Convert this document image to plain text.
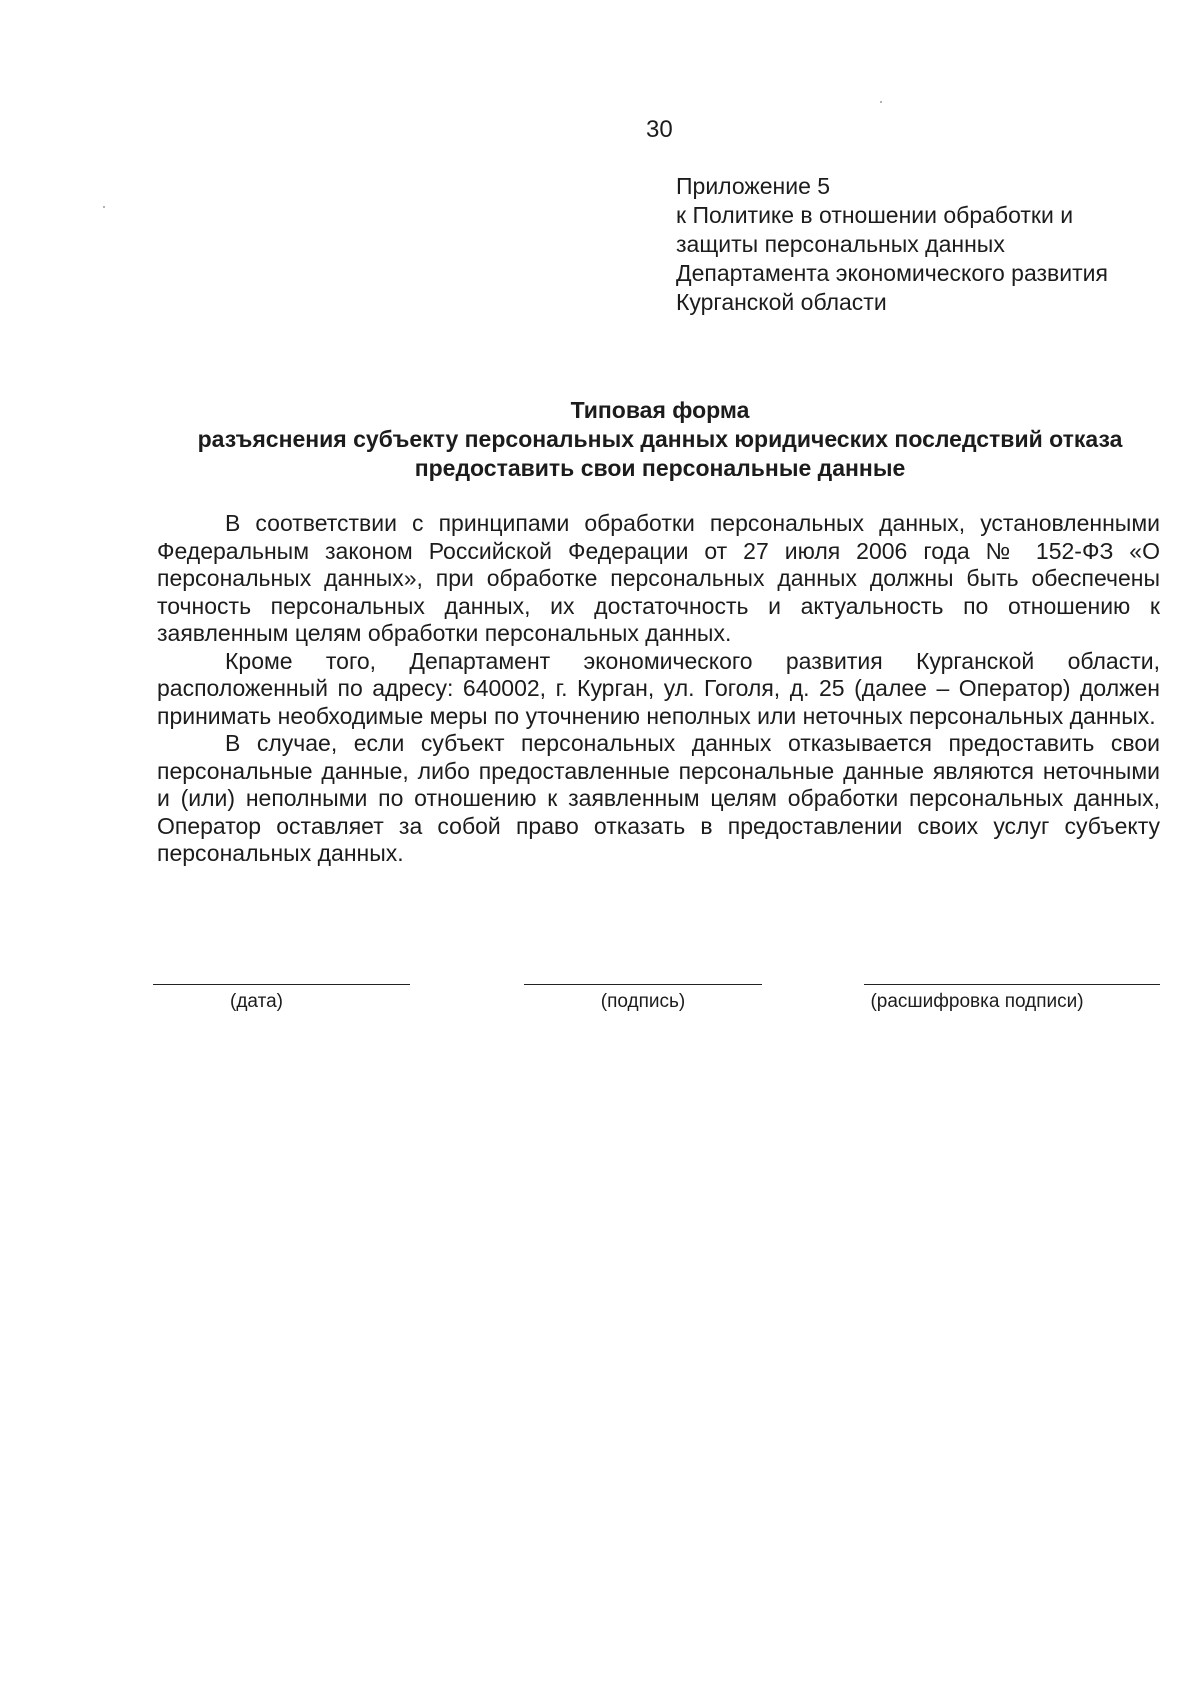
30
Приложение 5
к Политике в отношении обработки и
защиты персональных данных
Департамента экономического развития
Курганской области
Типовая форма
разъяснения субъекту персональных данных юридических последствий отказа
предоставить свои персональные данные

В соответствии с принципами обработки персональных данных, установленными Федеральным законом Российской Федерации от 27 июля 2006 года № 152-ФЗ «О персональных данных», при обработке персональных данных должны быть обеспечены точность персональных данных, их достаточность и актуальность по отношению к заявленным целям обработки персональных данных.

Кроме того, Департамент экономического развития Курганской области, расположенный по адресу: 640002, г. Курган, ул. Гоголя, д. 25 (далее – Оператор) должен принимать необходимые меры по уточнению неполных или неточных персональных данных.

В случае, если субъект персональных данных отказывается предоставить свои персональные данные, либо предоставленные персональные данные являются неточными и (или) неполными по отношению к заявленным целям обработки персональных данных, Оператор оставляет за собой право отказать в предоставлении своих услуг субъекту персональных данных.

(дата)	(подпись)	(расшифровка подписи)
